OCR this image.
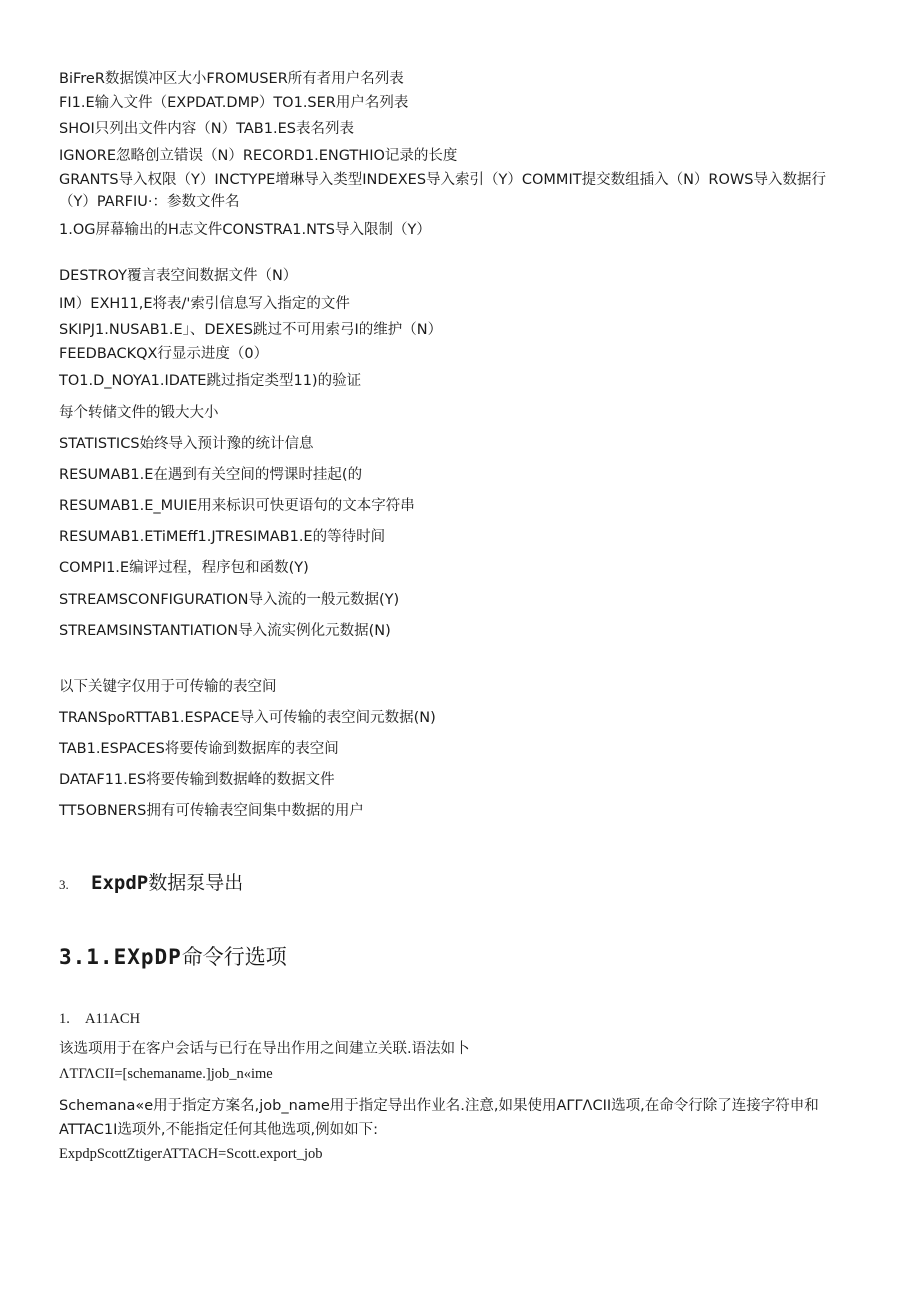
BiFreR数据馍冲区大小FROMUSER所有者用户名列表
FI1.E输入文件（EXPDAT.DMP）TO1.SER用户名列表
SHOI只列出文件内容（N）TAB1.ES表名列表
IGNORE忽略创立错误（N）RECORD1.ENGTHIO记录的长度
GRANTS导入权限（Y）INCTYPE增琳导入类型INDEXES导入索引（Y）COMMIT提交数组插入（N）ROWS导入数据行（Y）PARFIU·：参数文件名
1.OG屏幕输出的H志文件CONSTRA1.NTS导入限制（Y）
DESTROY覆言表空间数据文件（N）
IM）EXH11,E将表/'索引信息写入指定的文件
SKIPJ1.NUSAB1.E」、DEXES跳过不可用索弓I的维护（N）
FEEDBACKQX行显示进度（0）
TO1.D_NOYA1.IDATE跳过指定类型11)的验证
每个转储文件的锻大大小
STATISTICS始终导入预计豫的统计信息
RESUMAB1.E在遇到有关空间的愕课时挂起(的
RESUMAB1.E_MUIE用来标识可快更语句的文本字符串
RESUMAB1.ETiMEff1.JTRESIMAB1.E的等待时间
COMPI1.E编评过程，程序包和函数(Y)
STREAMSCONFIGURATION导入流的一般元数据(Y)
STREAMSINSTANTIATION导入流实例化元数据(N)
以下关键字仅用于可传输的表空间
TRANSpoRTTAB1.ESPACE导入可传输的表空间元数据(N)
TAB1.ESPACES将要传谕到数据库的表空间
DATAF11.ES将要传输到数据峰的数据文件
TT5OBNERS拥有可传输表空间集中数据的用户
3. ExpdP数据泵导出
3.1.EXpDP命令行选项
1. A11ACH
该选项用于在客户会话与已行在导出作用之间建立关联.语法如卜
ΛTΓΛCII=[schemaname.]job_n«ime
Schemana«e用于指定方案名,job_name用于指定导出作业名.注意,如果使用AΓΓΛCII选项,在命令行除了连接字符申和ATTAC1I选项外,不能指定任何其他选项,例如如下:
ExpdpScottZtigerATTACH=Scott.export_job
